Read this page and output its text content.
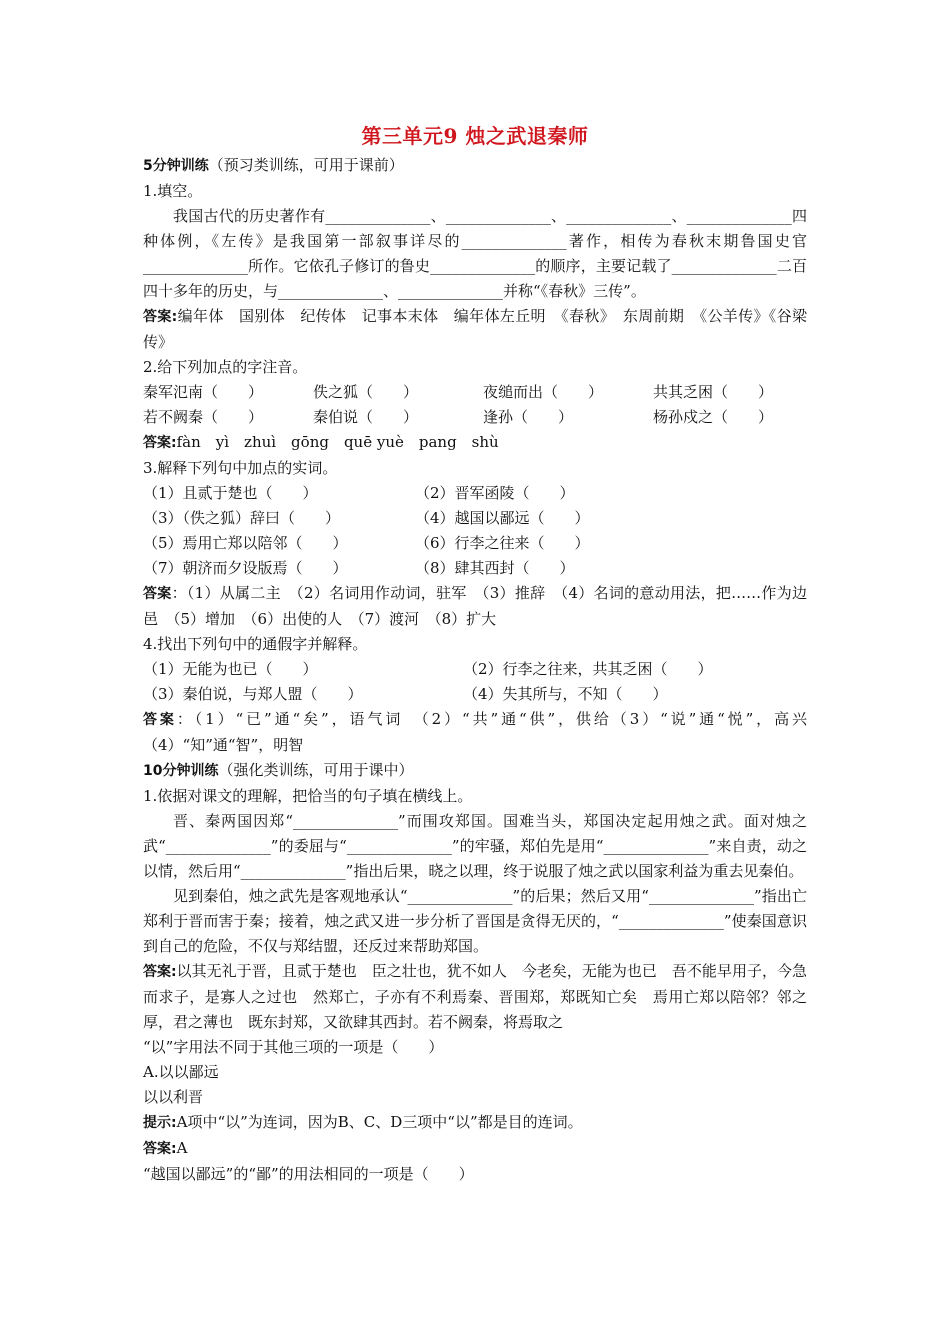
第三单元9 烛之武退秦师

5分钟训练（预习类训练，可用于课前）

1.填空。

我国古代的历史著作有______________、______________、______________、______________四种体例，《左传》是我国第一部叙事详尽的______________著作，相传为春秋末期鲁国史官______________所作。它依孔子修订的鲁史______________的顺序，主要记载了______________二百四十多年的历史，与______________、______________并称“《春秋》三传”。

答案:编年体　国别体　纪传体　记事本末体　编年体左丘明　《春秋》　东周前期　《公羊传》《谷梁传》

2.给下列加点的字注音。

秦军氾南（　　）	佚之狐（　　）	夜缒而出（　　）	共其乏困（　　）
若不阙秦（　　）	秦伯说（　　）	逢孙（　　）	杨孙戍之（　　）

答案:fàn　yì　zhuì　gōng　quē yuè　pang　shù

3.解释下列句中加点的实词。

（1）且贰于楚也（　　）	（2）晋军函陵（　　）
（3）（佚之狐）辞曰（　　）	（4）越国以鄙远（　　）
（5）焉用亡郑以陪邻（　　）	（6）行李之往来（　　）
（7）朝济而夕设版焉（　　）	（8）肆其西封（　　）

答案：（1）从属二主　（2）名词用作动词，驻军　（3）推辞　（4）名词的意动用法，把……作为边邑　（5）增加　（6）出使的人　（7）渡河　（8）扩大

4.找出下列句中的通假字并解释。

（1）无能为也已（　　）	（2）行李之往来，共其乏困（　　）
（3）秦伯说，与郑人盟（　　）	（4）失其所与，不知（　　）

答案：（1）“已”通“矣”，语气词　（2）“共”通“供”，供给（3）“说”通“悦”，高兴　（4）“知”通“智”，明智

10分钟训练（强化类训练，可用于课中）

1.依据对课文的理解，把恰当的句子填在横线上。

晋、秦两国因郑“______________”而围攻郑国。国难当头，郑国决定起用烛之武。面对烛之武“______________”的委屈与“______________”的牢骚，郑伯先是用“______________”来自责，动之以情，然后用“______________”指出后果，晓之以理，终于说服了烛之武以国家利益为重去见秦伯。

见到秦伯，烛之武先是客观地承认“______________”的后果；然后又用“______________”指出亡郑利于晋而害于秦；接着，烛之武又进一步分析了晋国是贪得无厌的，“______________”使秦国意识到自己的危险，不仅与郑结盟，还反过来帮助郑国。

答案:以其无礼于晋，且贰于楚也　臣之壮也，犹不如人　今老矣，无能为也已　吾不能早用子，今急而求子，是寡人之过也　然郑亡，子亦有不利焉秦、晋围郑，郑既知亡矣　焉用亡郑以陪邻？邻之厚，君之薄也　既东封郑，又欲肆其西封。若不阙秦，将焉取之

“以”字用法不同于其他三项的一项是（　　）

A.以以鄙远

以以利晋

提示:A项中“以”为连词，因为B、C、D三项中“以”都是目的连词。

答案:A

“越国以鄙远”的“鄙”的用法相同的一项是（　　）
